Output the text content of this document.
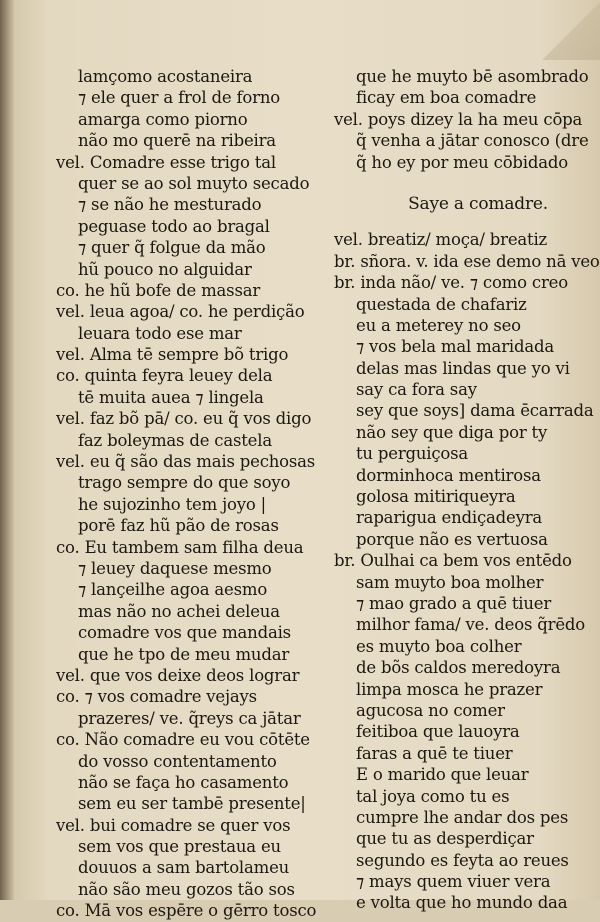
lamçomo acostaneira
⁊ ele quer a frol de forno
amarga como piorno
não mo querē na ribeira
vel. Comadre esse trigo tal
quer se ao sol muyto secado
⁊ se não he mesturado
peguase todo ao bragal
⁊ quer q̃ folgue da mão
hũ pouco no alguidar
co. he hũ bofe de massar
vel. leua agoa/ co. he perdição
leuara todo ese mar
vel. Alma tē sempre bõ trigo
co. quinta feyra leuey dela
tē muita auea ⁊ lingela
vel. faz bõ pā/ co. eu q̃ vos digo
faz boleymas de castela
vel. eu q̃ são das mais pechosas
trago sempre do que soyo
he sujozinho tem joyo |
porē faz hũ pão de rosas
co. Eu tambem sam filha deua
⁊ leuey daquese mesmo
⁊ lançeilhe agoa aesmo
mas não no achei deleua
comadre vos que mandais
que he tpo de meu mudar
vel. que vos deixe deos lograr
co. ⁊ vos comadre vejays
prazeres/ ve. q̃reys ca jātar
co. Não comadre eu vou cōtēte
do vosso contentamento
não se faça ho casamento
sem eu ser tambē presente|
vel. bui comadre se quer vos
sem vos que prestaua eu
douuos a sam bartolameu
não são meu gozos tão sos
co. Mā vos espēre o gērro tosco
que he muyto bē asombrado
ficay em boa comadre
vel. poys dizey la ha meu cōpa
q̃ venha a jātar conosco (dre
q̃ ho ey por meu cōbidado
Saye a comadre.
vel. breatiz/ moça/ breatiz
br. sñora. v. ida ese demo nā veo
br. inda não/ ve. ⁊ como creo
questada de chafariz
eu a meterey no seo
⁊ vos bela mal maridada
delas mas lindas que yo vi
say ca fora say
sey que soys] dama ēcarrada
não sey que diga por ty
tu perguiçosa
dorminhoca mentirosa
golosa mitiriqueyra
raparigua endiçadeyra
porque não es vertuosa
br. Oulhai ca bem vos entēdo
sam muyto boa molher
⁊ mao grado a quē tiuer
milhor fama/ ve. deos q̃rēdo
es muyto boa colher
de bõs caldos meredoyra
limpa mosca he prazer
agucosa no comer
feitiboa que lauoyra
faras a quē te tiuer
E o marido que leuar
tal joya como tu es
cumpre lhe andar dos pes
que tu as desperdiçar
segundo es feyta ao reues
⁊ mays quem viuer vera
e volta que ho mundo daa
